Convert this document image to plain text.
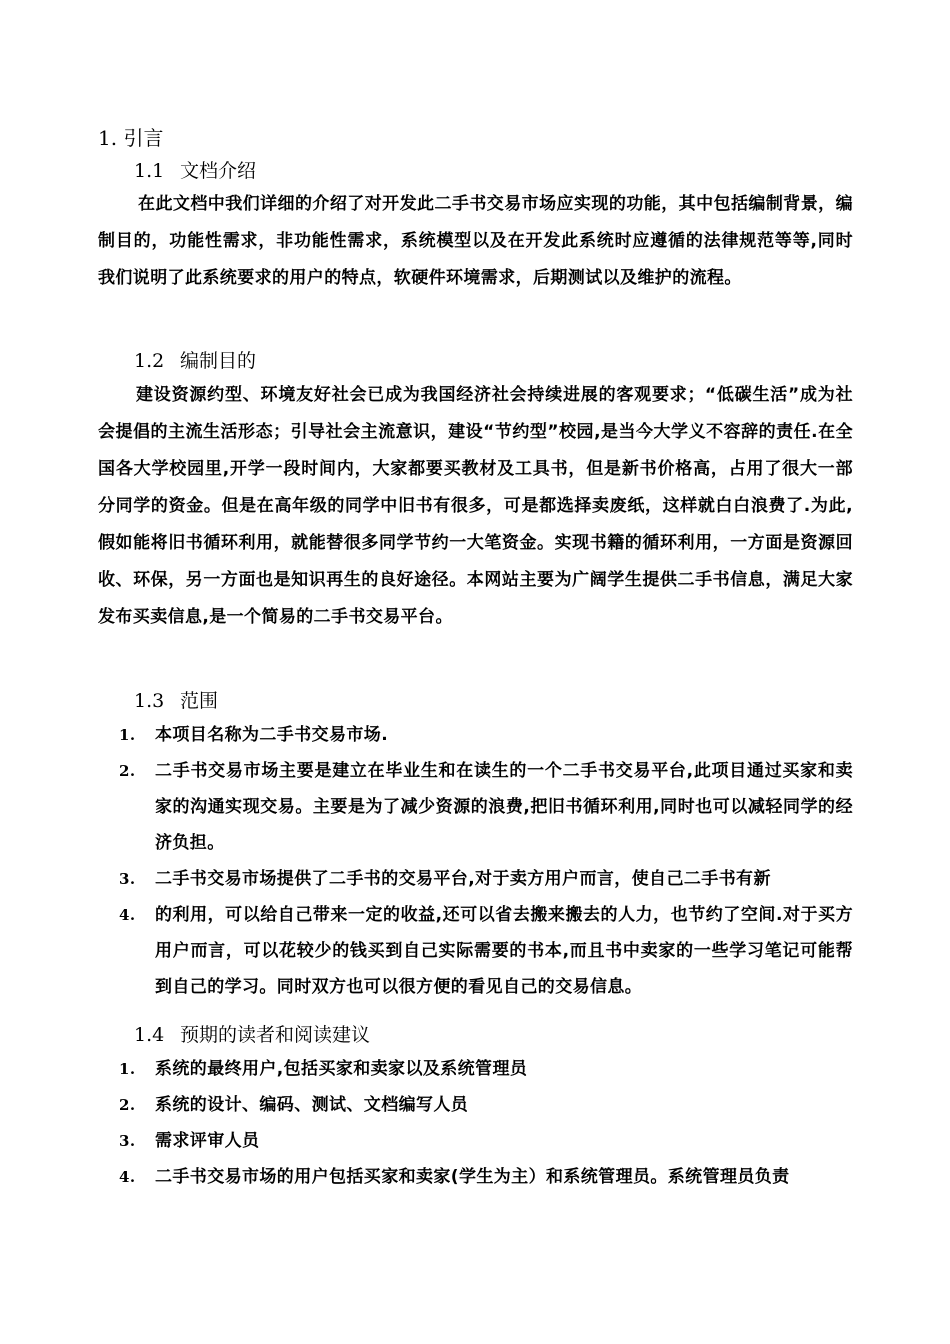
1. 引言
1.1 文档介绍

在此文档中我们详细的介绍了对开发此二手书交易市场应实现的功能，其中包括编制背景，编制目的，功能性需求，非功能性需求，系统模型以及在开发此系统时应遵循的法律规范等等,同时我们说明了此系统要求的用户的特点，软硬件环境需求，后期测试以及维护的流程。

1.2 编制目的

建设资源约型、环境友好社会已成为我国经济社会持续进展的客观要求；“低碳生活”成为社会提倡的主流生活形态；引导社会主流意识，建设“节约型”校园,是当今大学义不容辞的责任.在全国各大学校园里,开学一段时间内，大家都要买教材及工具书，但是新书价格高，占用了很大一部分同学的资金。但是在高年级的同学中旧书有很多，可是都选择卖废纸，这样就白白浪费了.为此,假如能将旧书循环利用，就能替很多同学节约一大笔资金。实现书籍的循环利用，一方面是资源回收、环保，另一方面也是知识再生的良好途径。本网站主要为广阔学生提供二手书信息，满足大家发布买卖信息,是一个简易的二手书交易平台。

1.3 范围
1. 本项目名称为二手书交易市场.
2. 二手书交易市场主要是建立在毕业生和在读生的一个二手书交易平台,此项目通过买家和卖家的沟通实现交易。主要是为了减少资源的浪费,把旧书循环利用,同时也可以减轻同学的经济负担。
3. 二手书交易市场提供了二手书的交易平台,对于卖方用户而言，使自己二手书有新
4. 的利用，可以给自己带来一定的收益,还可以省去搬来搬去的人力，也节约了空间.对于买方用户而言，可以花较少的钱买到自己实际需要的书本,而且书中卖家的一些学习笔记可能帮到自己的学习。同时双方也可以很方便的看见自己的交易信息。
1.4 预期的读者和阅读建议
1. 系统的最终用户,包括买家和卖家以及系统管理员
2. 系统的设计、编码、测试、文档编写人员
3. 需求评审人员
4. 二手书交易市场的用户包括买家和卖家(学生为主）和系统管理员。系统管理员负责
